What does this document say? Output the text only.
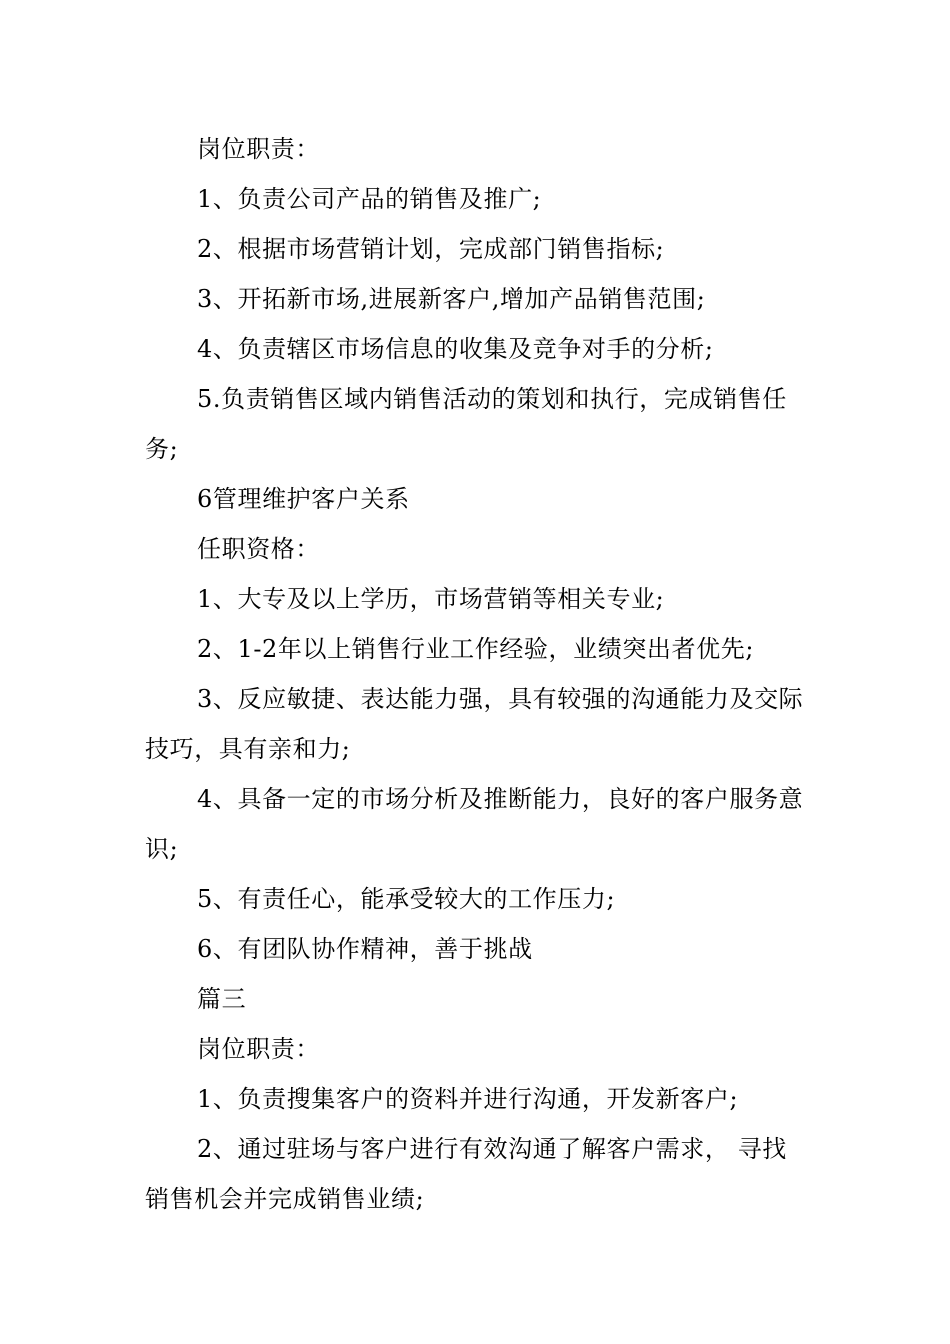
岗位职责：

1、负责公司产品的销售及推广;

2、根据市场营销计划，完成部门销售指标;

3、开拓新市场,进展新客户,增加产品销售范围;

4、负责辖区市场信息的收集及竞争对手的分析;

5.负责销售区域内销售活动的策划和执行，完成销售任务;

6管理维护客户关系

任职资格：

1、大专及以上学历，市场营销等相关专业;

2、1-2年以上销售行业工作经验，业绩突出者优先;

3、反应敏捷、表达能力强，具有较强的沟通能力及交际技巧，具有亲和力;

4、具备一定的市场分析及推断能力，良好的客户服务意识;

5、有责任心，能承受较大的工作压力;

6、有团队协作精神，善于挑战

篇三

岗位职责：

1、负责搜集客户的资料并进行沟通，开发新客户;

2、通过驻场与客户进行有效沟通了解客户需求， 寻找销售机会并完成销售业绩;
